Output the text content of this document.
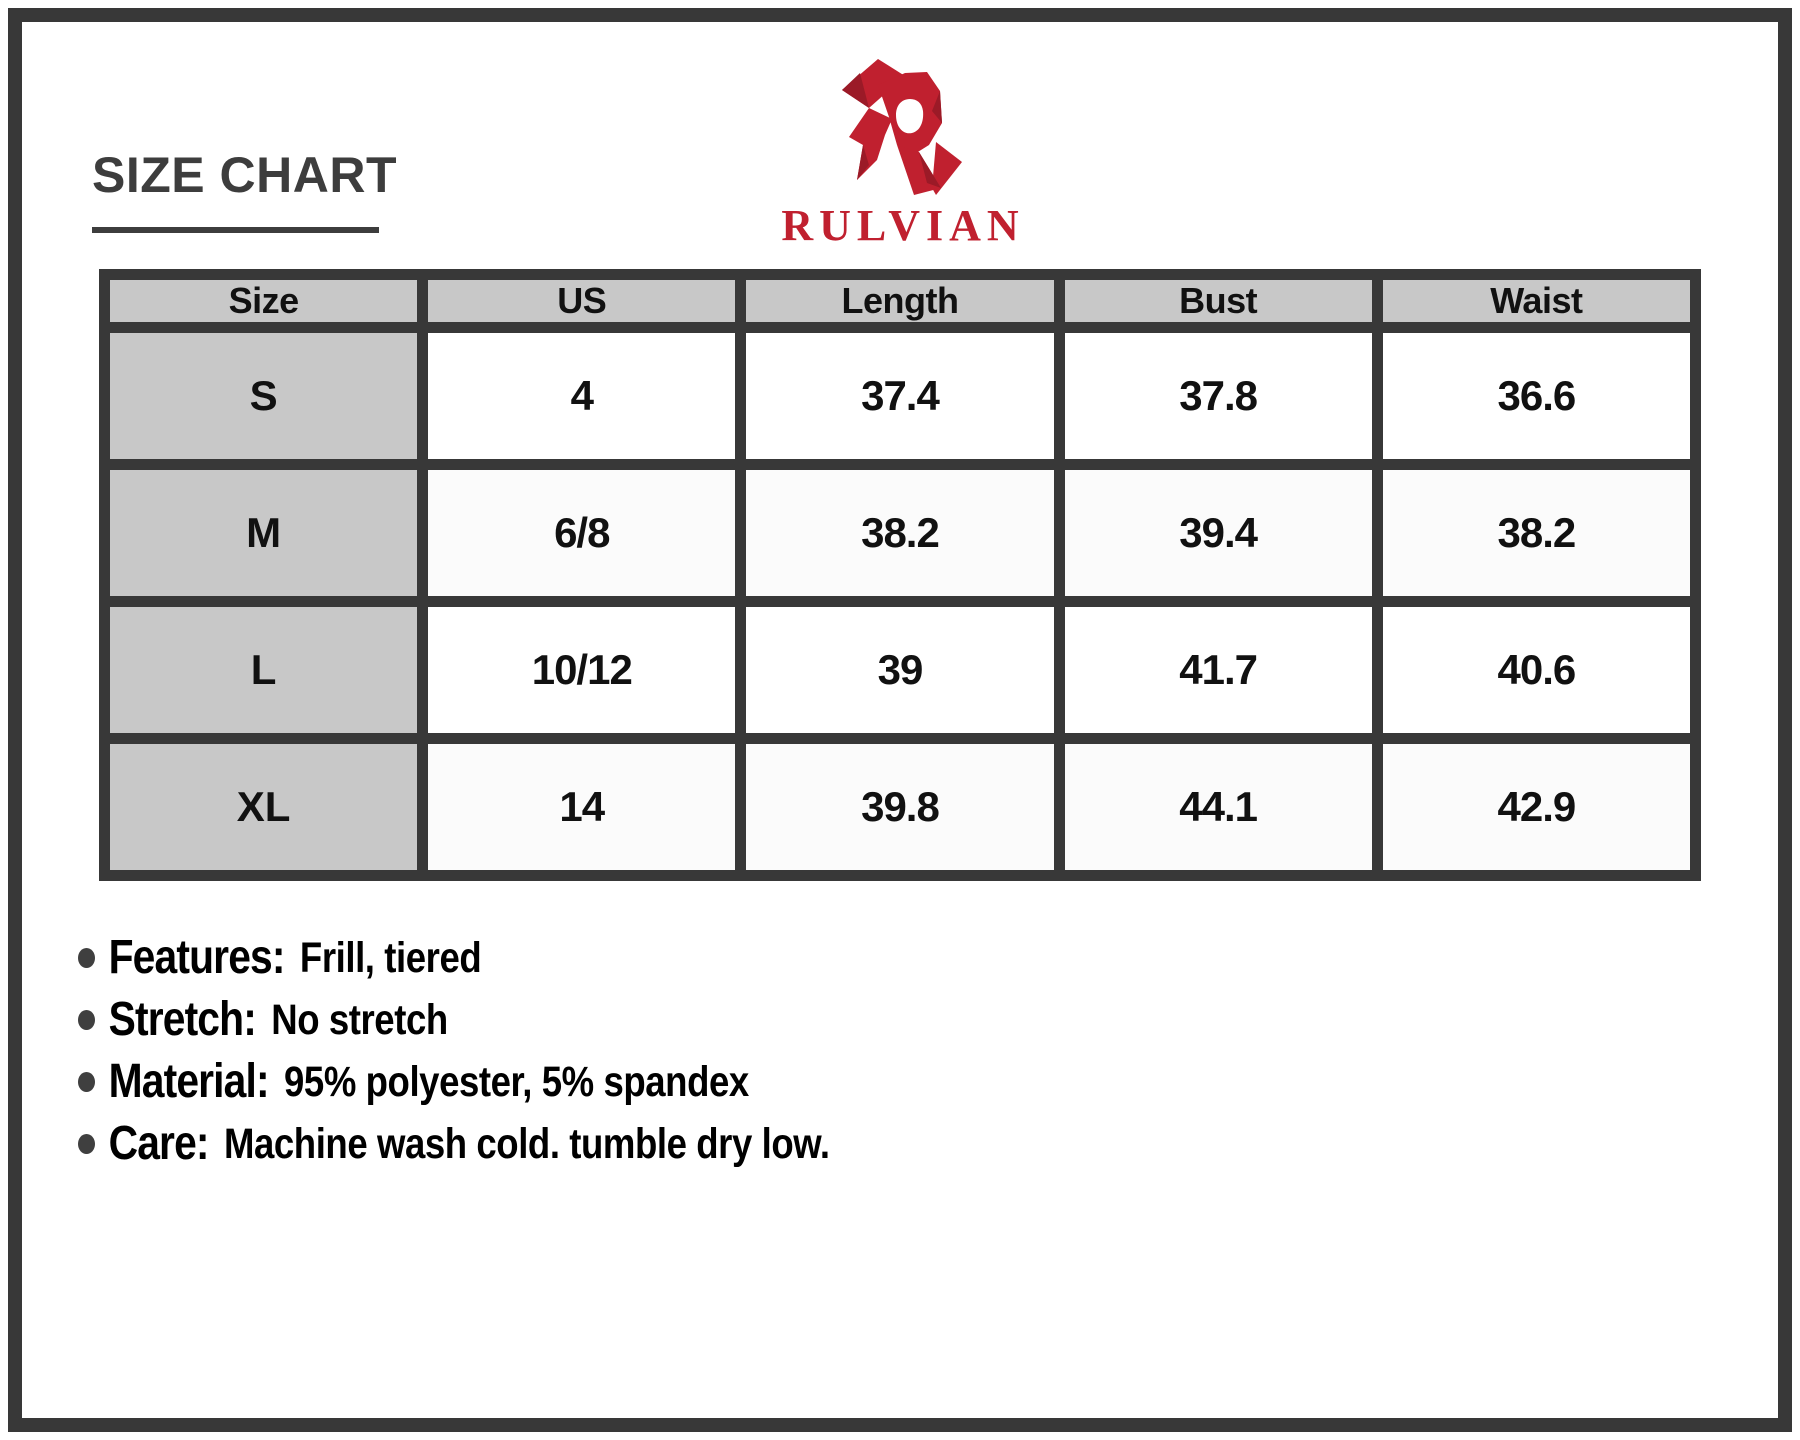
SIZE CHART
RULVIAN
Size	US	Length	Bust	Waist
S	4	37.4	37.8	36.6
M	6/8	38.2	39.4	38.2
L	10/12	39	41.7	40.6
XL	14	39.8	44.1	42.9
Features: Frill, tiered
Stretch: No stretch
Material: 95% polyester, 5% spandex
Care: Machine wash cold. tumble dry low.
